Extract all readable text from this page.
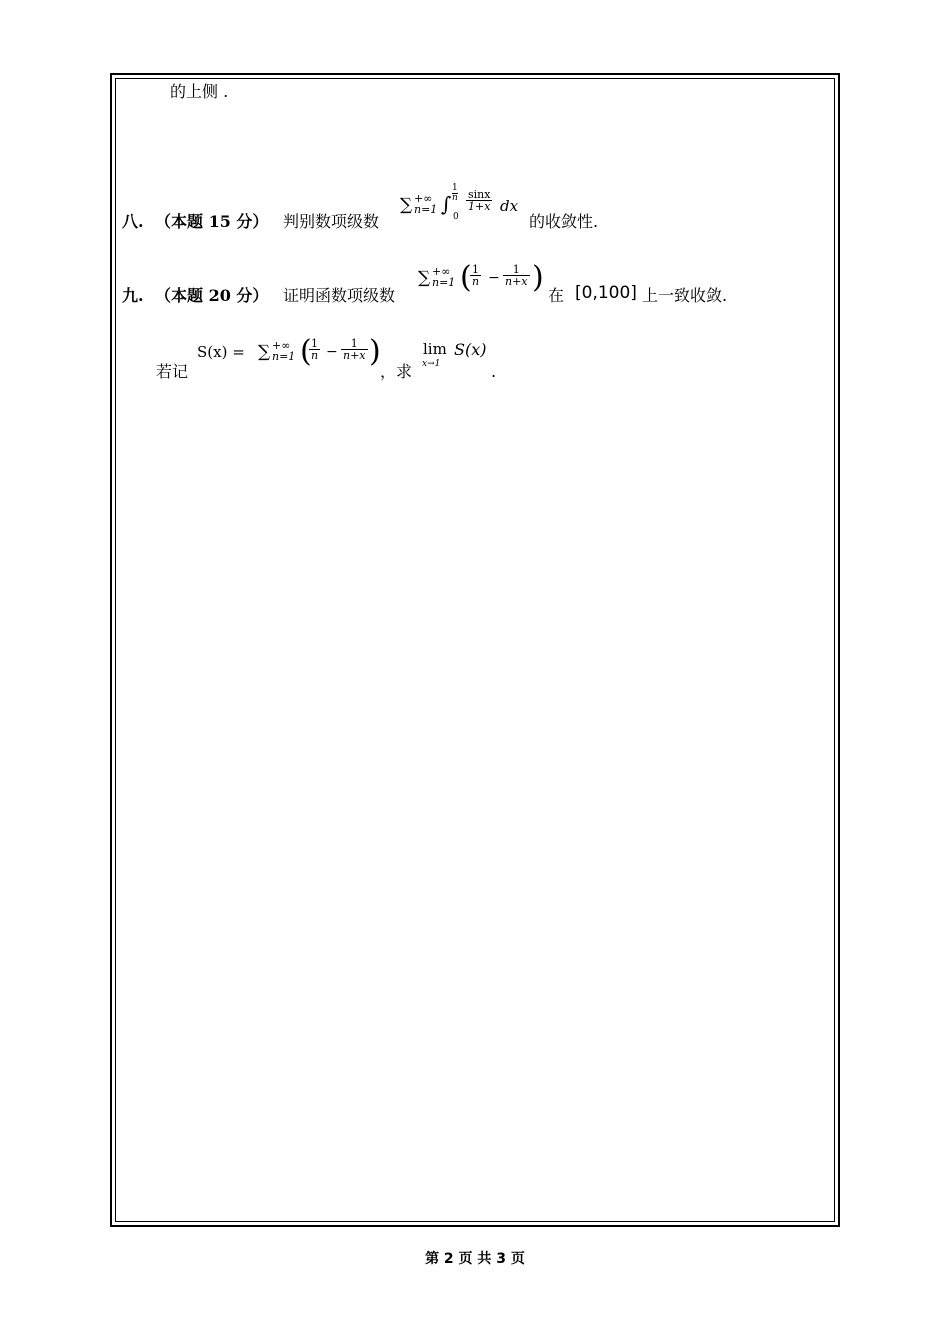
的上侧 .
八. （本题 15 分） 判别数项级数
∑ +∞
n=1 ∫
1
n
0
$\frac{\sin x}{1+x}$ dx
的收敛性.
九. （本题 20 分） 证明函数项级数
∑ +∞
n=1 (
$\frac{1}{n} - \frac{1}{n+x}$ )
在 [0,100] 上一致收敛.
若记
S(x) = ∑ +∞
n=1 (
$\frac{1}{n} - \frac{1}{n+x}$ )
，求
lim
x→1
S(x)
.
第 2 页 共 3 页
